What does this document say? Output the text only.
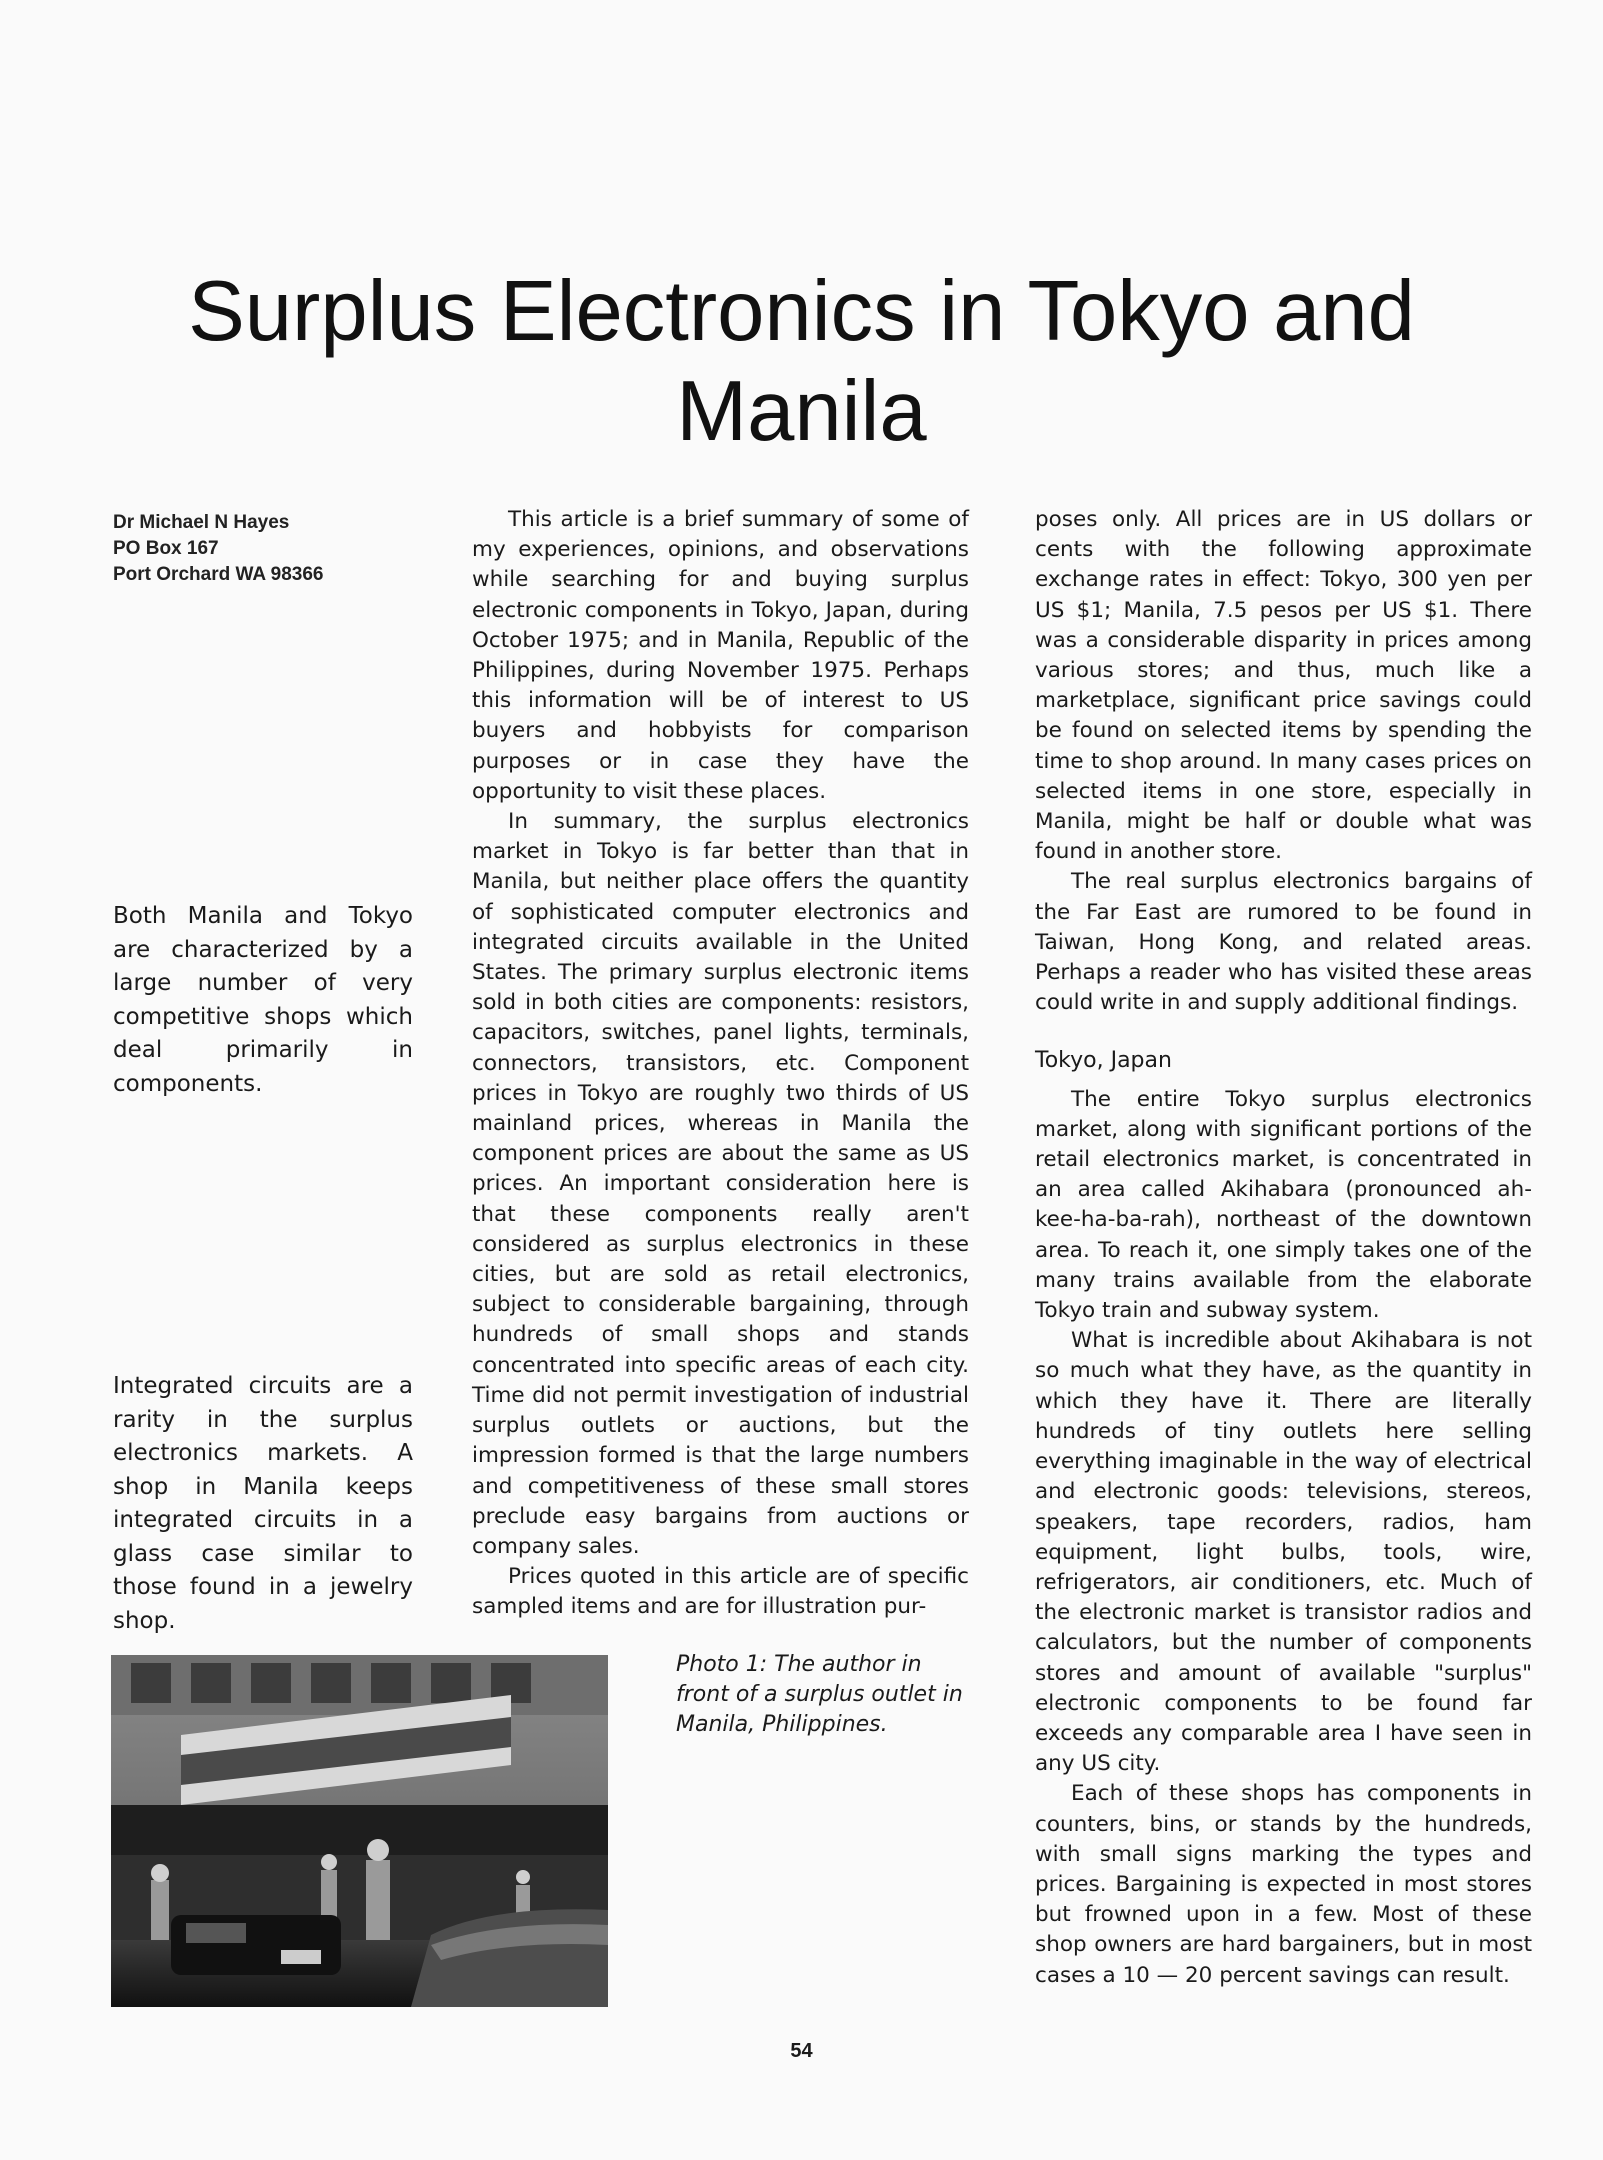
Surplus Electronics in Tokyo and Manila
Dr Michael N Hayes
PO Box 167
Port Orchard WA 98366
Both Manila and Tokyo are characterized by a large number of very competitive shops which deal primarily in components.
Integrated circuits are a rarity in the surplus electronics markets. A shop in Manila keeps integrated circuits in a glass case similar to those found in a jewelry shop.

This article is a brief summary of some of my experiences, opinions, and observations while searching for and buying surplus electronic components in Tokyo, Japan, during October 1975; and in Manila, Republic of the Philippines, during November 1975. Perhaps this information will be of interest to US buyers and hobbyists for comparison purposes or in case they have the opportunity to visit these places.

In summary, the surplus electronics market in Tokyo is far better than that in Manila, but neither place offers the quantity of sophisticated computer electronics and integrated circuits available in the United States. The primary surplus electronic items sold in both cities are components: resistors, capacitors, switches, panel lights, terminals, connectors, transistors, etc. Component prices in Tokyo are roughly two thirds of US mainland prices, whereas in Manila the component prices are about the same as US prices. An important consideration here is that these components really aren't considered as surplus electronics in these cities, but are sold as retail electronics, subject to considerable bargaining, through hundreds of small shops and stands concentrated into specific areas of each city. Time did not permit investigation of industrial surplus outlets or auctions, but the impression formed is that the large numbers and competitiveness of these small stores preclude easy bargains from auctions or company sales.

Prices quoted in this article are of specific sampled items and are for illustration pur-

poses only. All prices are in US dollars or cents with the following approximate exchange rates in effect: Tokyo, 300 yen per US $1; Manila, 7.5 pesos per US $1. There was a considerable disparity in prices among various stores; and thus, much like a marketplace, significant price savings could be found on selected items by spending the time to shop around. In many cases prices on selected items in one store, especially in Manila, might be half or double what was found in another store.

The real surplus electronics bargains of the Far East are rumored to be found in Taiwan, Hong Kong, and related areas. Perhaps a reader who has visited these areas could write in and supply additional findings.

Tokyo, Japan

The entire Tokyo surplus electronics market, along with significant portions of the retail electronics market, is concentrated in an area called Akihabara (pronounced ah-kee-ha-ba-rah), northeast of the downtown area. To reach it, one simply takes one of the many trains available from the elaborate Tokyo train and subway system.

What is incredible about Akihabara is not so much what they have, as the quantity in which they have it. There are literally hundreds of tiny outlets here selling everything imaginable in the way of electrical and electronic goods: televisions, stereos, speakers, tape recorders, radios, ham equipment, light bulbs, tools, wire, refrigerators, air conditioners, etc. Much of the electronic market is transistor radios and calculators, but the number of components stores and amount of available "surplus" electronic components to be found far exceeds any comparable area I have seen in any US city.

Each of these shops has components in counters, bins, or stands by the hundreds, with small signs marking the types and prices. Bargaining is expected in most stores but frowned upon in a few. Most of these shop owners are hard bargainers, but in most cases a 10 — 20 percent savings can result.

Photo 1: The author in front of a surplus outlet in Manila, Philippines.
54
